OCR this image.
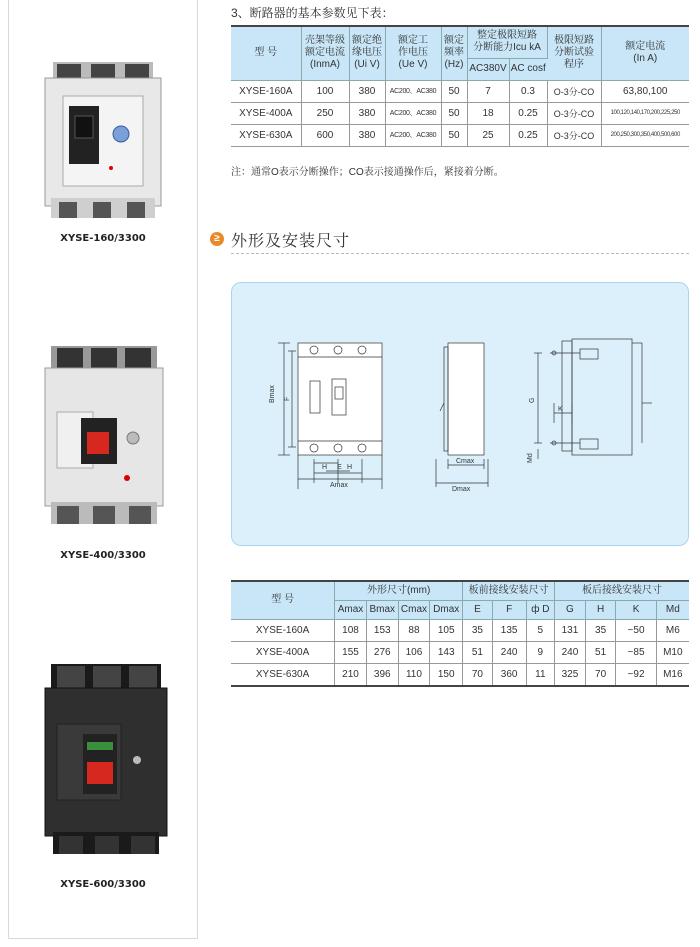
XYSE-160/3300
XYSE-400/3300
XYSE-600/3300
3、断路器的基本参数见下表：
型 号	壳架等级
额定电流
(InmA)	额定绝
缘电压
(Ui V)	额定工
作电压
(Ue V)	额定
频率
(Hz)	整定极限短路
分断能力Icu kA		极限短路
分断试验
程序	额定电流
(In A)
					AC380V	AC cosf		
XYSE-160A	100	380	AC200、AC380	50	7	0.3	O-3分-CO	63,80,100
XYSE-400A	250	380	AC200、AC380	50	18	0.25	O-3分-CO	100,120,140,170,200,225,250
XYSE-630A	600	380	AC200、AC380	50	25	0.25	O-3分-CO	200,250,300,350,400,500,600
注：通常O表示分断操作；CO表示接通操作后，紧接着分断。
≥ 外形及安装尺寸
Bmax F
E
H	H
Amax
Cmax
Dmax
G
K
Md
型 号	外形尺寸(mm)				板前接线安装尺寸			板后接线安装尺寸			
	Amax	Bmax	Cmax	Dmax	E	F	ф D	G	H	K	Md
XYSE-160A	108	153	88	105	35	135	5	131	35	~50	M6
XYSE-400A	155	276	106	143	51	240	9	240	51	~85	M10
XYSE-630A	210	396	110	150	70	360	11	325	70	~92	M16
